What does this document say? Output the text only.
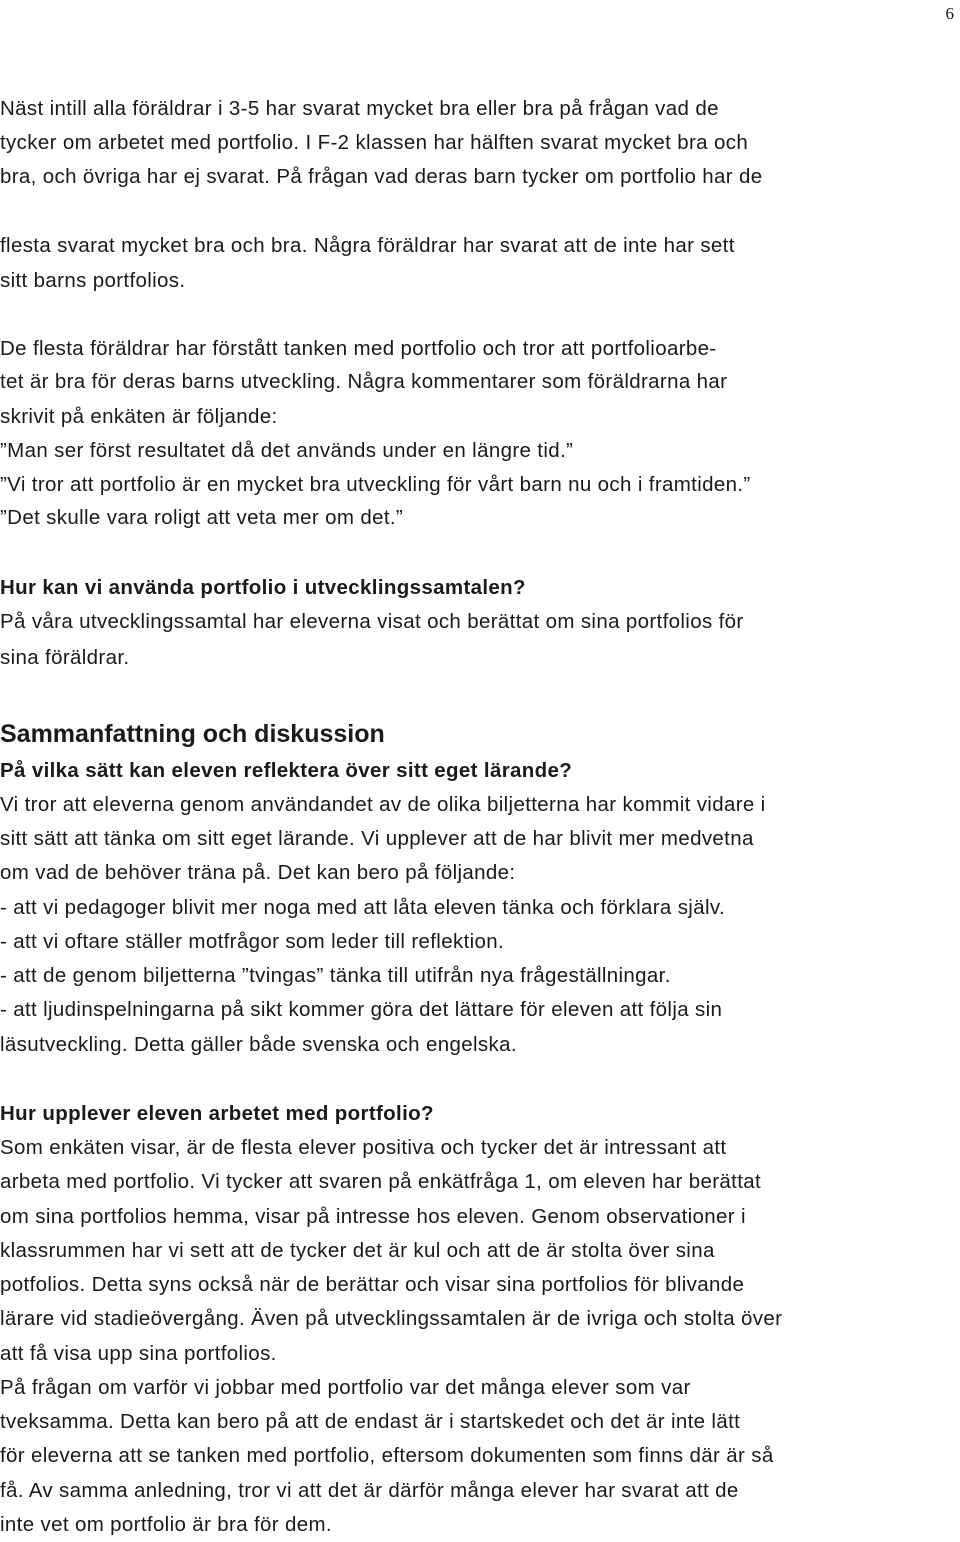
6
Näst intill alla föräldrar i 3-5 har svarat mycket bra eller bra på frågan vad de
tycker om arbetet med portfolio. I F-2 klassen har hälften svarat mycket bra och
bra, och övriga har ej svarat. På frågan vad deras barn tycker om portfolio har de
flesta svarat mycket bra och bra. Några föräldrar har svarat att de inte har sett
sitt barns portfolios.
De flesta föräldrar har förstått tanken med portfolio och tror att portfolioarbe-
tet är bra för deras barns utveckling. Några kommentarer som föräldrarna har
skrivit på enkäten är följande:
”Man ser först resultatet då det används under en längre tid.”
”Vi tror att portfolio är en mycket bra utveckling för vårt barn nu och i framtiden.”
”Det skulle vara roligt att veta mer om det.”
Hur kan vi använda portfolio i utvecklingssamtalen?
På våra utvecklingssamtal har eleverna visat och berättat om sina portfolios för
sina föräldrar.
Sammanfattning och diskussion
På vilka sätt kan eleven reflektera över sitt eget lärande?
Vi tror att eleverna genom användandet av de olika biljetterna har kommit vidare i
sitt sätt att tänka om sitt eget lärande. Vi upplever att de har blivit mer medvetna
om vad de behöver träna på. Det kan bero på följande:
- att vi pedagoger blivit mer noga med att låta eleven tänka och förklara själv.
- att vi oftare ställer motfrågor som leder till reflektion.
- att de genom biljetterna ”tvingas” tänka till utifrån nya frågeställningar.
- att ljudinspelningarna på sikt kommer göra det lättare för eleven att följa sin
läsutveckling. Detta gäller både svenska och engelska.
Hur upplever eleven arbetet med portfolio?
Som enkäten visar, är de flesta elever positiva och tycker det är intressant att
arbeta med portfolio. Vi tycker att svaren på enkätfråga 1, om eleven har berättat
om sina portfolios hemma, visar på intresse hos eleven. Genom observationer i
klassrummen har vi sett att de tycker det är kul och att de är stolta över sina
potfolios. Detta syns också när de berättar och visar sina portfolios för blivande
lärare vid stadieövergång. Även på utvecklingssamtalen är de ivriga och stolta över
att få visa upp sina portfolios.
På frågan om varför vi jobbar med portfolio var det många elever som var
tveksamma. Detta kan bero på att de endast är i startskedet och det är inte lätt
för eleverna att se tanken med portfolio, eftersom dokumenten som finns där är så
få. Av samma anledning, tror vi att det är därför många elever har svarat att de
inte vet om portfolio är bra för dem.
